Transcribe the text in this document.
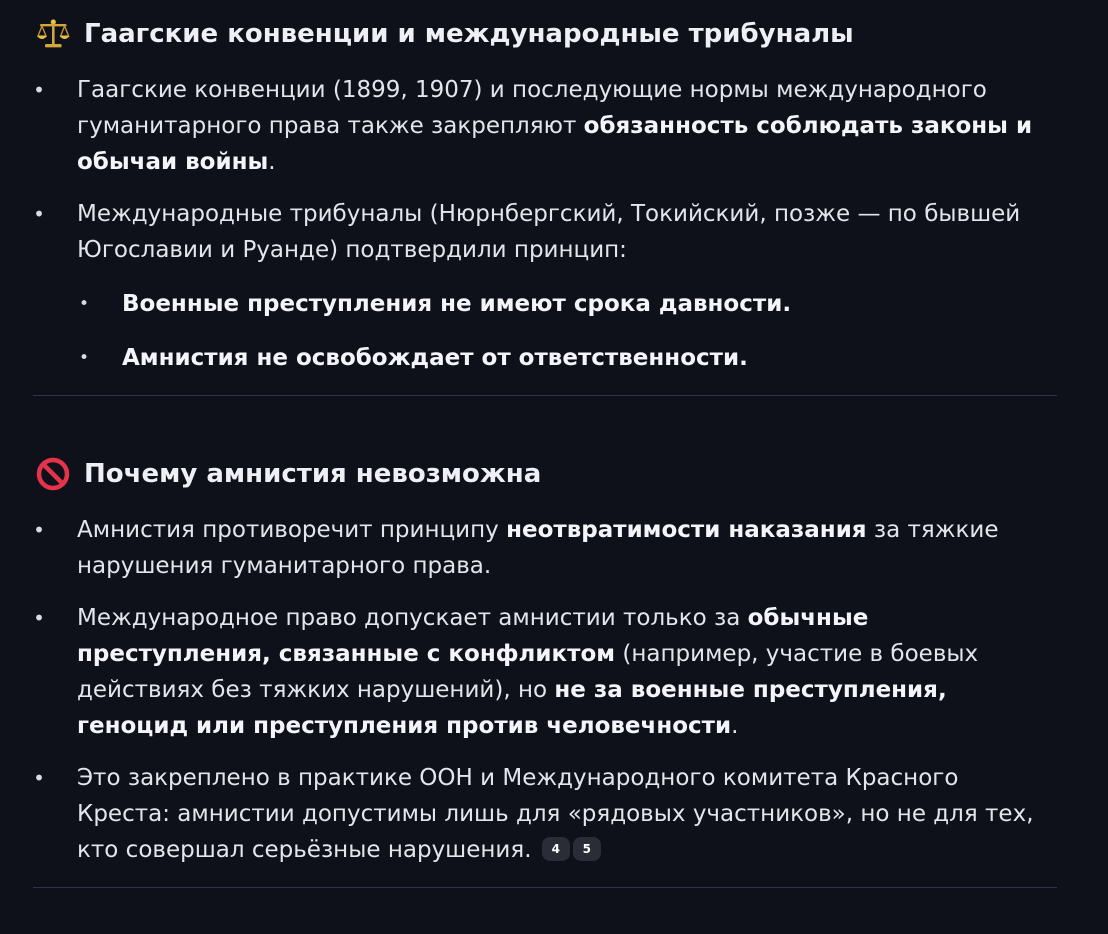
Гаагские конвенции и международные трибуналы
• Гаагские конвенции (1899, 1907) и последующие нормы международного гуманитарного права также закрепляют обязанность соблюдать законы и обычаи войны.
• Международные трибуналы (Нюрнбергский, Токийский, позже — по бывшей Югославии и Руанде) подтвердили принцип:
• Военные преступления не имеют срока давности.
• Амнистия не освобождает от ответственности.
Почему амнистия невозможна
• Амнистия противоречит принципу неотвратимости наказания за тяжкие нарушения гуманитарного права.
• Международное право допускает амнистии только за обычные преступления, связанные с конфликтом (например, участие в боевых действиях без тяжких нарушений), но не за военные преступления, геноцид или преступления против человечности.
• Это закреплено в практике ООН и Международного комитета Красного Креста: амнистии допустимы лишь для «рядовых участников», но не для тех, кто совершал серьёзные нарушения. 4 5
